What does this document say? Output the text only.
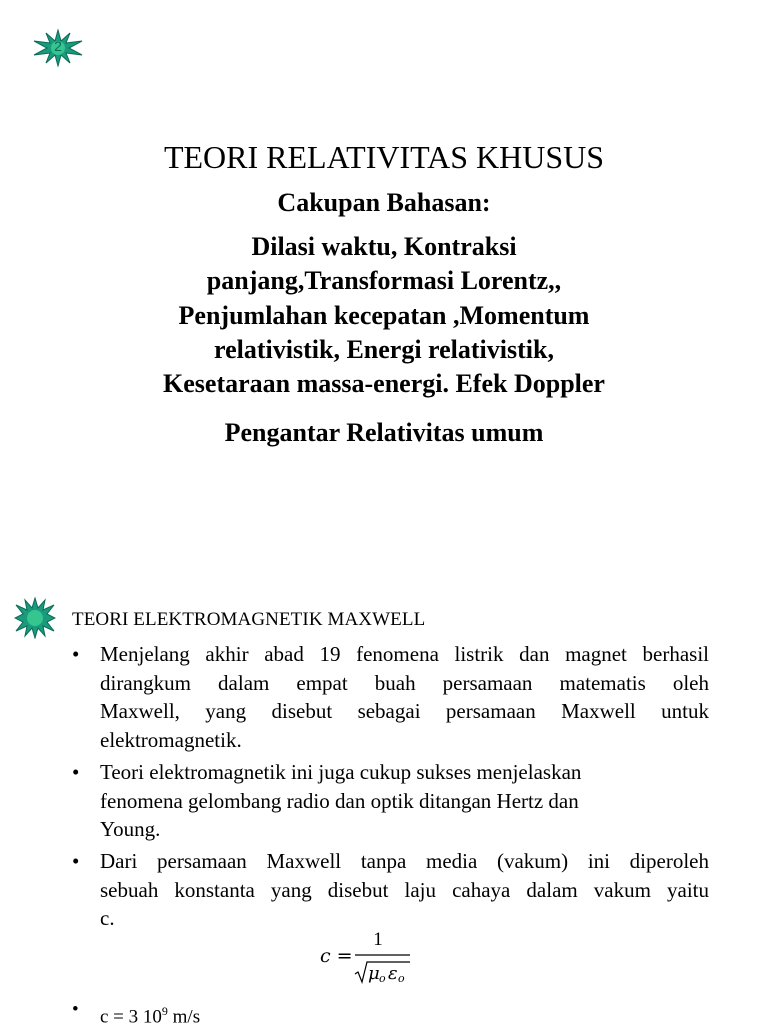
2
TEORI RELATIVITAS KHUSUS
Cakupan Bahasan:
Dilasi waktu, Kontraksi
panjang,Transformasi Lorentz,,
Penjumlahan kecepatan ,Momentum
relativistik, Energi relativistik,
Kesetaraan massa-energi. Efek Doppler
Pengantar Relativitas umum
TEORI ELEKTROMAGNETIK MAXWELL
• Menjelang akhir abad 19 fenomena listrik dan magnet berhasil
dirangkum dalam empat buah persamaan matematis oleh
Maxwell, yang disebut sebagai persamaan Maxwell untuk
elektromagnetik.
• Teori elektromagnetik ini juga cukup sukses menjelaskan
fenomena gelombang radio dan optik ditangan Hertz dan
Young.
• Dari persamaan Maxwell tanpa media (vakum) ini diperoleh
sebuah konstanta yang disebut laju cahaya dalam vakum yaitu
c.
c =
1
μ o ε o
• c = 3 $10^9$ m/s
